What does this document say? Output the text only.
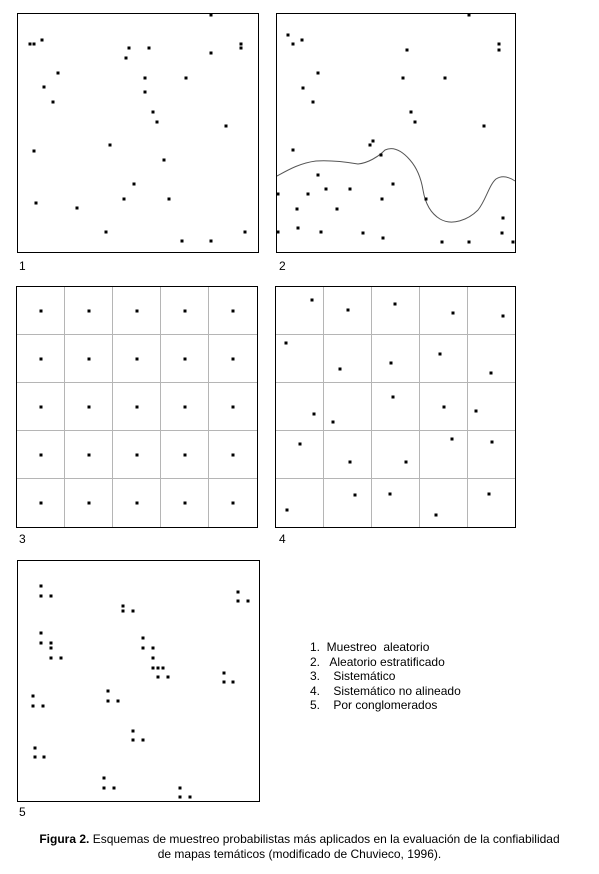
1	2
3	4
5
1.  Muestreo  aleatorio
2.   Aleatorio estratificado
3.    Sistemático
4.    Sistemático no alineado
5.    Por conglomerados
Figura 2. Esquemas de muestreo probabilistas más aplicados en la evaluación de la confiabilidad
de mapas temáticos (modificado de Chuvieco, 1996).
